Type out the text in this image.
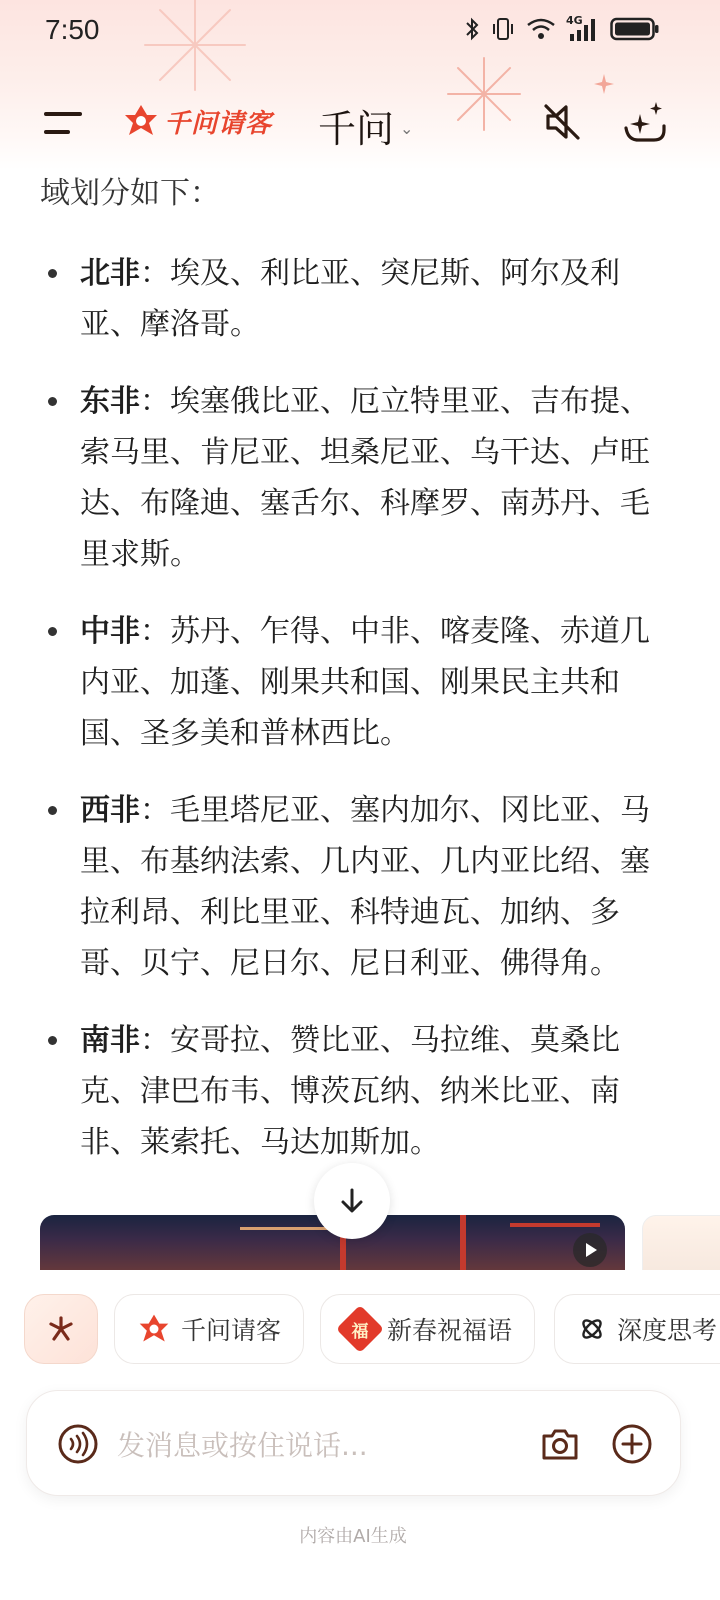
7:50	4G
千问请客 千问 ⌄
域划分如下：
北非：埃及、利比亚、突尼斯、阿尔及利亚、摩洛哥。
东非：埃塞俄比亚、厄立特里亚、吉布提、索马里、肯尼亚、坦桑尼亚、乌干达、卢旺达、布隆迪、塞舌尔、科摩罗、南苏丹、毛里求斯。
中非：苏丹、乍得、中非、喀麦隆、赤道几内亚、加蓬、刚果共和国、刚果民主共和国、圣多美和普林西比。
西非：毛里塔尼亚、塞内加尔、冈比亚、马里、布基纳法索、几内亚、几内亚比绍、塞拉利昂、利比里亚、科特迪瓦、加纳、多哥、贝宁、尼日尔、尼日利亚、佛得角。
南非：安哥拉、赞比亚、马拉维、莫桑比克、津巴布韦、博茨瓦纳、纳米比亚、南非、莱索托、马达加斯加。
千问请客	福 新春祝福语	深度思考
发消息或按住说话...
内容由AI生成
